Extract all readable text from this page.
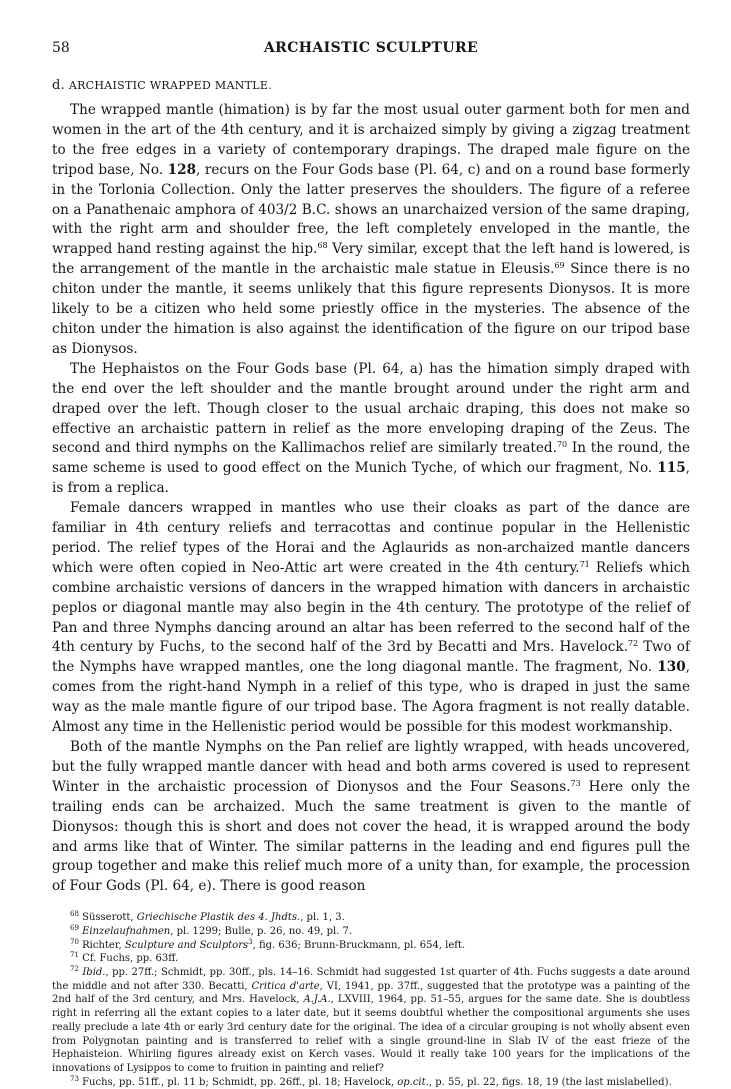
58	ARCHAISTIC SCULPTURE
d. ARCHAISTIC WRAPPED MANTLE.

The wrapped mantle (himation) is by far the most usual outer garment both for men and women in the art of the 4th century, and it is archaized simply by giving a zigzag treatment to the free edges in a variety of contemporary drapings. The draped male figure on the tripod base, No. 128, recurs on the Four Gods base (Pl. 64, c) and on a round base formerly in the Torlonia Collection. Only the latter preserves the shoulders. The figure of a referee on a Panathenaic amphora of 403/2 B.C. shows an unarchaized version of the same draping, with the right arm and shoulder free, the left completely enveloped in the mantle, the wrapped hand resting against the hip.$^{68}$ Very similar, except that the left hand is lowered, is the arrangement of the mantle in the archaistic male statue in Eleusis.$^{69}$ Since there is no chiton under the mantle, it seems unlikely that this figure represents Dionysos. It is more likely to be a citizen who held some priestly office in the mysteries. The absence of the chiton under the himation is also against the identification of the figure on our tripod base as Dionysos.

The Hephaistos on the Four Gods base (Pl. 64, a) has the himation simply draped with the end over the left shoulder and the mantle brought around under the right arm and draped over the left. Though closer to the usual archaic draping, this does not make so effective an archaistic pattern in relief as the more enveloping draping of the Zeus. The second and third nymphs on the Kallimachos relief are similarly treated.$^{70}$ In the round, the same scheme is used to good effect on the Munich Tyche, of which our fragment, No. 115, is from a replica.

Female dancers wrapped in mantles who use their cloaks as part of the dance are familiar in 4th century reliefs and terracottas and continue popular in the Hellenistic period. The relief types of the Horai and the Aglaurids as non-archaized mantle dancers which were often copied in Neo-Attic art were created in the 4th century.$^{71}$ Reliefs which combine archaistic versions of dancers in the wrapped himation with dancers in archaistic peplos or diagonal mantle may also begin in the 4th century. The prototype of the relief of Pan and three Nymphs dancing around an altar has been referred to the second half of the 4th century by Fuchs, to the second half of the 3rd by Becatti and Mrs. Havelock.$^{72}$ Two of the Nymphs have wrapped mantles, one the long diagonal mantle. The fragment, No. 130, comes from the right-hand Nymph in a relief of this type, who is draped in just the same way as the male mantle figure of our tripod base. The Agora fragment is not really datable. Almost any time in the Hellenistic period would be possible for this modest workmanship.

Both of the mantle Nymphs on the Pan relief are lightly wrapped, with heads uncovered, but the fully wrapped mantle dancer with head and both arms covered is used to represent Winter in the archaistic procession of Dionysos and the Four Seasons.$^{73}$ Here only the trailing ends can be archaized. Much the same treatment is given to the mantle of Dionysos: though this is short and does not cover the head, it is wrapped around the body and arms like that of Winter. The similar patterns in the leading and end figures pull the group together and make this relief much more of a unity than, for example, the procession of Four Gods (Pl. 64, e). There is good reason

$^{68}$ Süsserott, Griechische Plastik des 4. Jhdts., pl. 1, 3.

$^{69}$ Einzelaufnahmen, pl. 1299; Bulle, p. 26, no. 49, pl. 7.

$^{70}$ Richter, Sculpture and Sculptors$^3$, fig. 636; Brunn-Bruckmann, pl. 654, left.

$^{71}$ Cf. Fuchs, pp. 63ff.

$^{72}$ Ibid., pp. 27ff.; Schmidt, pp. 30ff., pls. 14–16. Schmidt had suggested 1st quarter of 4th. Fuchs suggests a date around the middle and not after 330. Becatti, Critica d'arte, VI, 1941, pp. 37ff., suggested that the prototype was a painting of the 2nd half of the 3rd century, and Mrs. Havelock, A.J.A., LXVIII, 1964, pp. 51–55, argues for the same date. She is doubtless right in referring all the extant copies to a later date, but it seems doubtful whether the compositional arguments she uses really preclude a late 4th or early 3rd century date for the original. The idea of a circular grouping is not wholly absent even from Polygnotan painting and is transferred to relief with a single ground-line in Slab IV of the east frieze of the Hephaisteion. Whirling figures already exist on Kerch vases. Would it really take 100 years for the implications of the innovations of Lysippos to come to fruition in painting and relief?

$^{73}$ Fuchs, pp. 51ff., pl. 11 b; Schmidt, pp. 26ff., pl. 18; Havelock, op.cit., p. 55, pl. 22, figs. 18, 19 (the last mislabelled).
